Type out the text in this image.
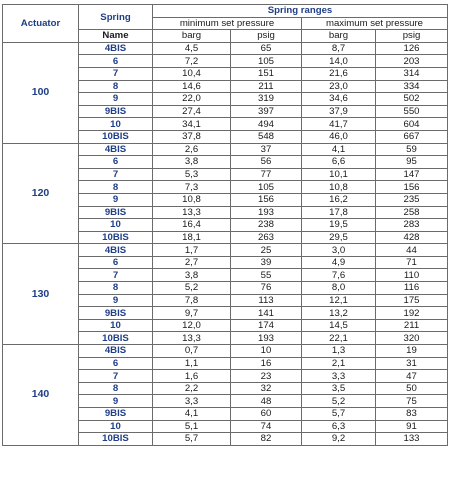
Actuator	Spring	Spring ranges			
		minimum set pressure		maximum set pressure	
	Name	barg	psig	barg	psig
100	4BIS	4,5	65	8,7	126
	6	7,2	105	14,0	203
	7	10,4	151	21,6	314
	8	14,6	211	23,0	334
	9	22,0	319	34,6	502
	9BIS	27,4	397	37,9	550
	10	34,1	494	41,7	604
	10BIS	37,8	548	46,0	667
120	4BIS	2,6	37	4,1	59
	6	3,8	56	6,6	95
	7	5,3	77	10,1	147
	8	7,3	105	10,8	156
	9	10,8	156	16,2	235
	9BIS	13,3	193	17,8	258
	10	16,4	238	19,5	283
	10BIS	18,1	263	29,5	428
130	4BIS	1,7	25	3,0	44
	6	2,7	39	4,9	71
	7	3,8	55	7,6	110
	8	5,2	76	8,0	116
	9	7,8	113	12,1	175
	9BIS	9,7	141	13,2	192
	10	12,0	174	14,5	211
	10BIS	13,3	193	22,1	320
140	4BIS	0,7	10	1,3	19
	6	1,1	16	2,1	31
	7	1,6	23	3,3	47
	8	2,2	32	3,5	50
	9	3,3	48	5,2	75
	9BIS	4,1	60	5,7	83
	10	5,1	74	6,3	91
	10BIS	5,7	82	9,2	133
